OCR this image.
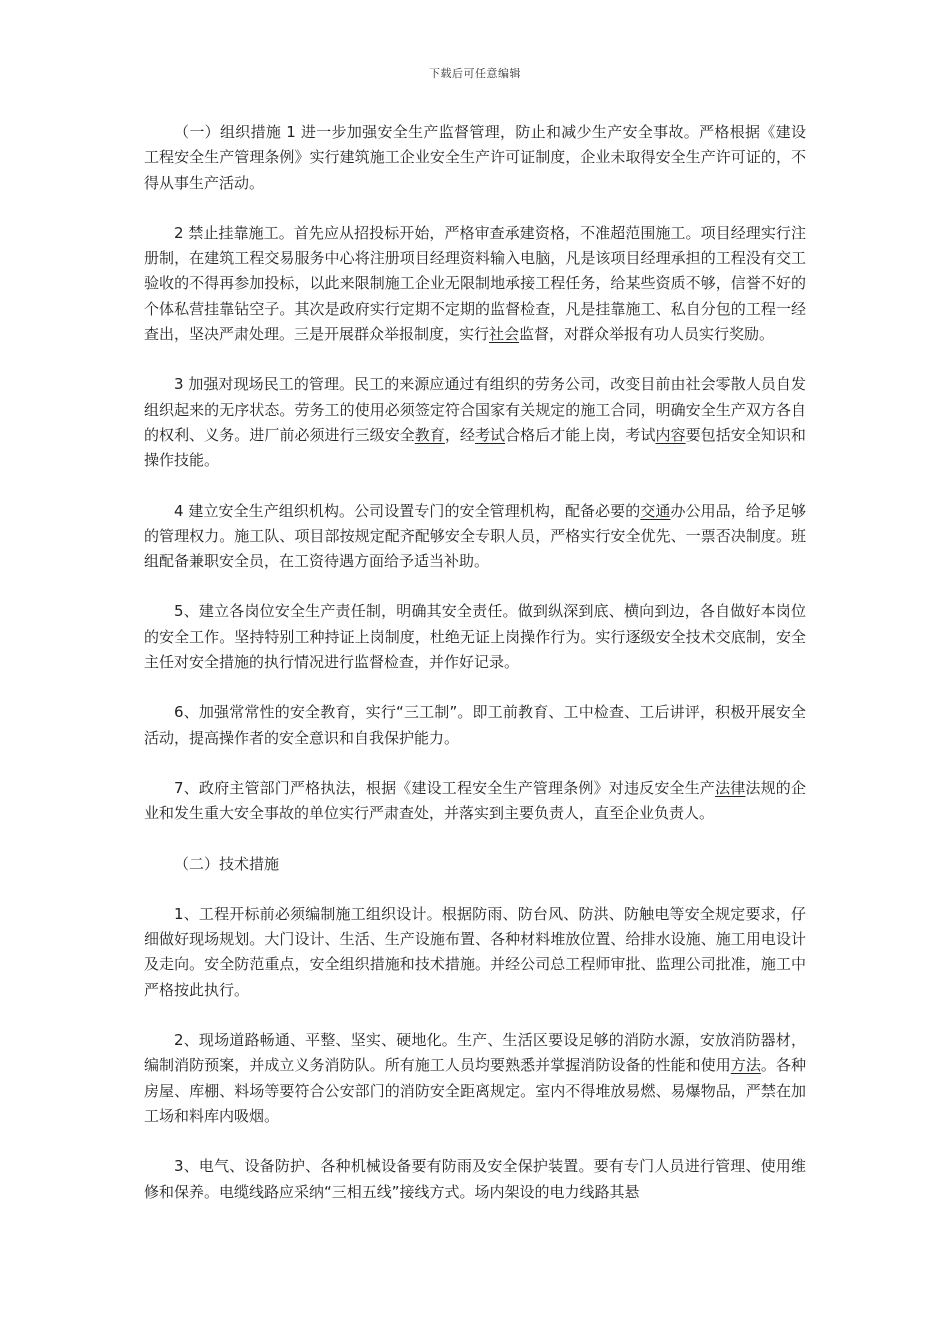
下载后可任意编辑

（一）组织措施 1 进一步加强安全生产监督管理，防止和减少生产安全事故。严格根据《建设工程安全生产管理条例》实行建筑施工企业安全生产许可证制度，企业未取得安全生产许可证的，不得从事生产活动。

2 禁止挂靠施工。首先应从招投标开始，严格审查承建资格，不准超范围施工。项目经理实行注册制，在建筑工程交易服务中心将注册项目经理资料输入电脑，凡是该项目经理承担的工程没有交工验收的不得再参加投标，以此来限制施工企业无限制地承接工程任务，给某些资质不够，信誉不好的个体私营挂靠钻空子。其次是政府实行定期不定期的监督检查，凡是挂靠施工、私自分包的工程一经查出，坚决严肃处理。三是开展群众举报制度，实行社会监督，对群众举报有功人员实行奖励。

3 加强对现场民工的管理。民工的来源应通过有组织的劳务公司，改变目前由社会零散人员自发组织起来的无序状态。劳务工的使用必须签定符合国家有关规定的施工合同，明确安全生产双方各自的权利、义务。进厂前必须进行三级安全教育，经考试合格后才能上岗，考试内容要包括安全知识和操作技能。

4 建立安全生产组织机构。公司设置专门的安全管理机构，配备必要的交通办公用品，给予足够的管理权力。施工队、项目部按规定配齐配够安全专职人员，严格实行安全优先、一票否决制度。班组配备兼职安全员，在工资待遇方面给予适当补助。

5、建立各岗位安全生产责任制，明确其安全责任。做到纵深到底、横向到边，各自做好本岗位的安全工作。坚持特别工种持证上岗制度，杜绝无证上岗操作行为。实行逐级安全技术交底制，安全主任对安全措施的执行情况进行监督检查，并作好记录。

6、加强常常性的安全教育，实行“三工制”。即工前教育、工中检查、工后讲评，积极开展安全活动，提高操作者的安全意识和自我保护能力。

7、政府主管部门严格执法，根据《建设工程安全生产管理条例》对违反安全生产法律法规的企业和发生重大安全事故的单位实行严肃查处，并落实到主要负责人，直至企业负责人。

（二）技术措施

1、工程开标前必须编制施工组织设计。根据防雨、防台风、防洪、防触电等安全规定要求，仔细做好现场规划。大门设计、生活、生产设施布置、各种材料堆放位置、给排水设施、施工用电设计及走向。安全防范重点，安全组织措施和技术措施。并经公司总工程师审批、监理公司批准，施工中严格按此执行。

2、现场道路畅通、平整、坚实、硬地化。生产、生活区要设足够的消防水源，安放消防器材，编制消防预案，并成立义务消防队。所有施工人员均要熟悉并掌握消防设备的性能和使用方法。各种房屋、库棚、料场等要符合公安部门的消防安全距离规定。室内不得堆放易燃、易爆物品，严禁在加工场和料库内吸烟。

3、电气、设备防护、各种机械设备要有防雨及安全保护装置。要有专门人员进行管理、使用维修和保养。电缆线路应采纳“三相五线”接线方式。场内架设的电力线路其悬
